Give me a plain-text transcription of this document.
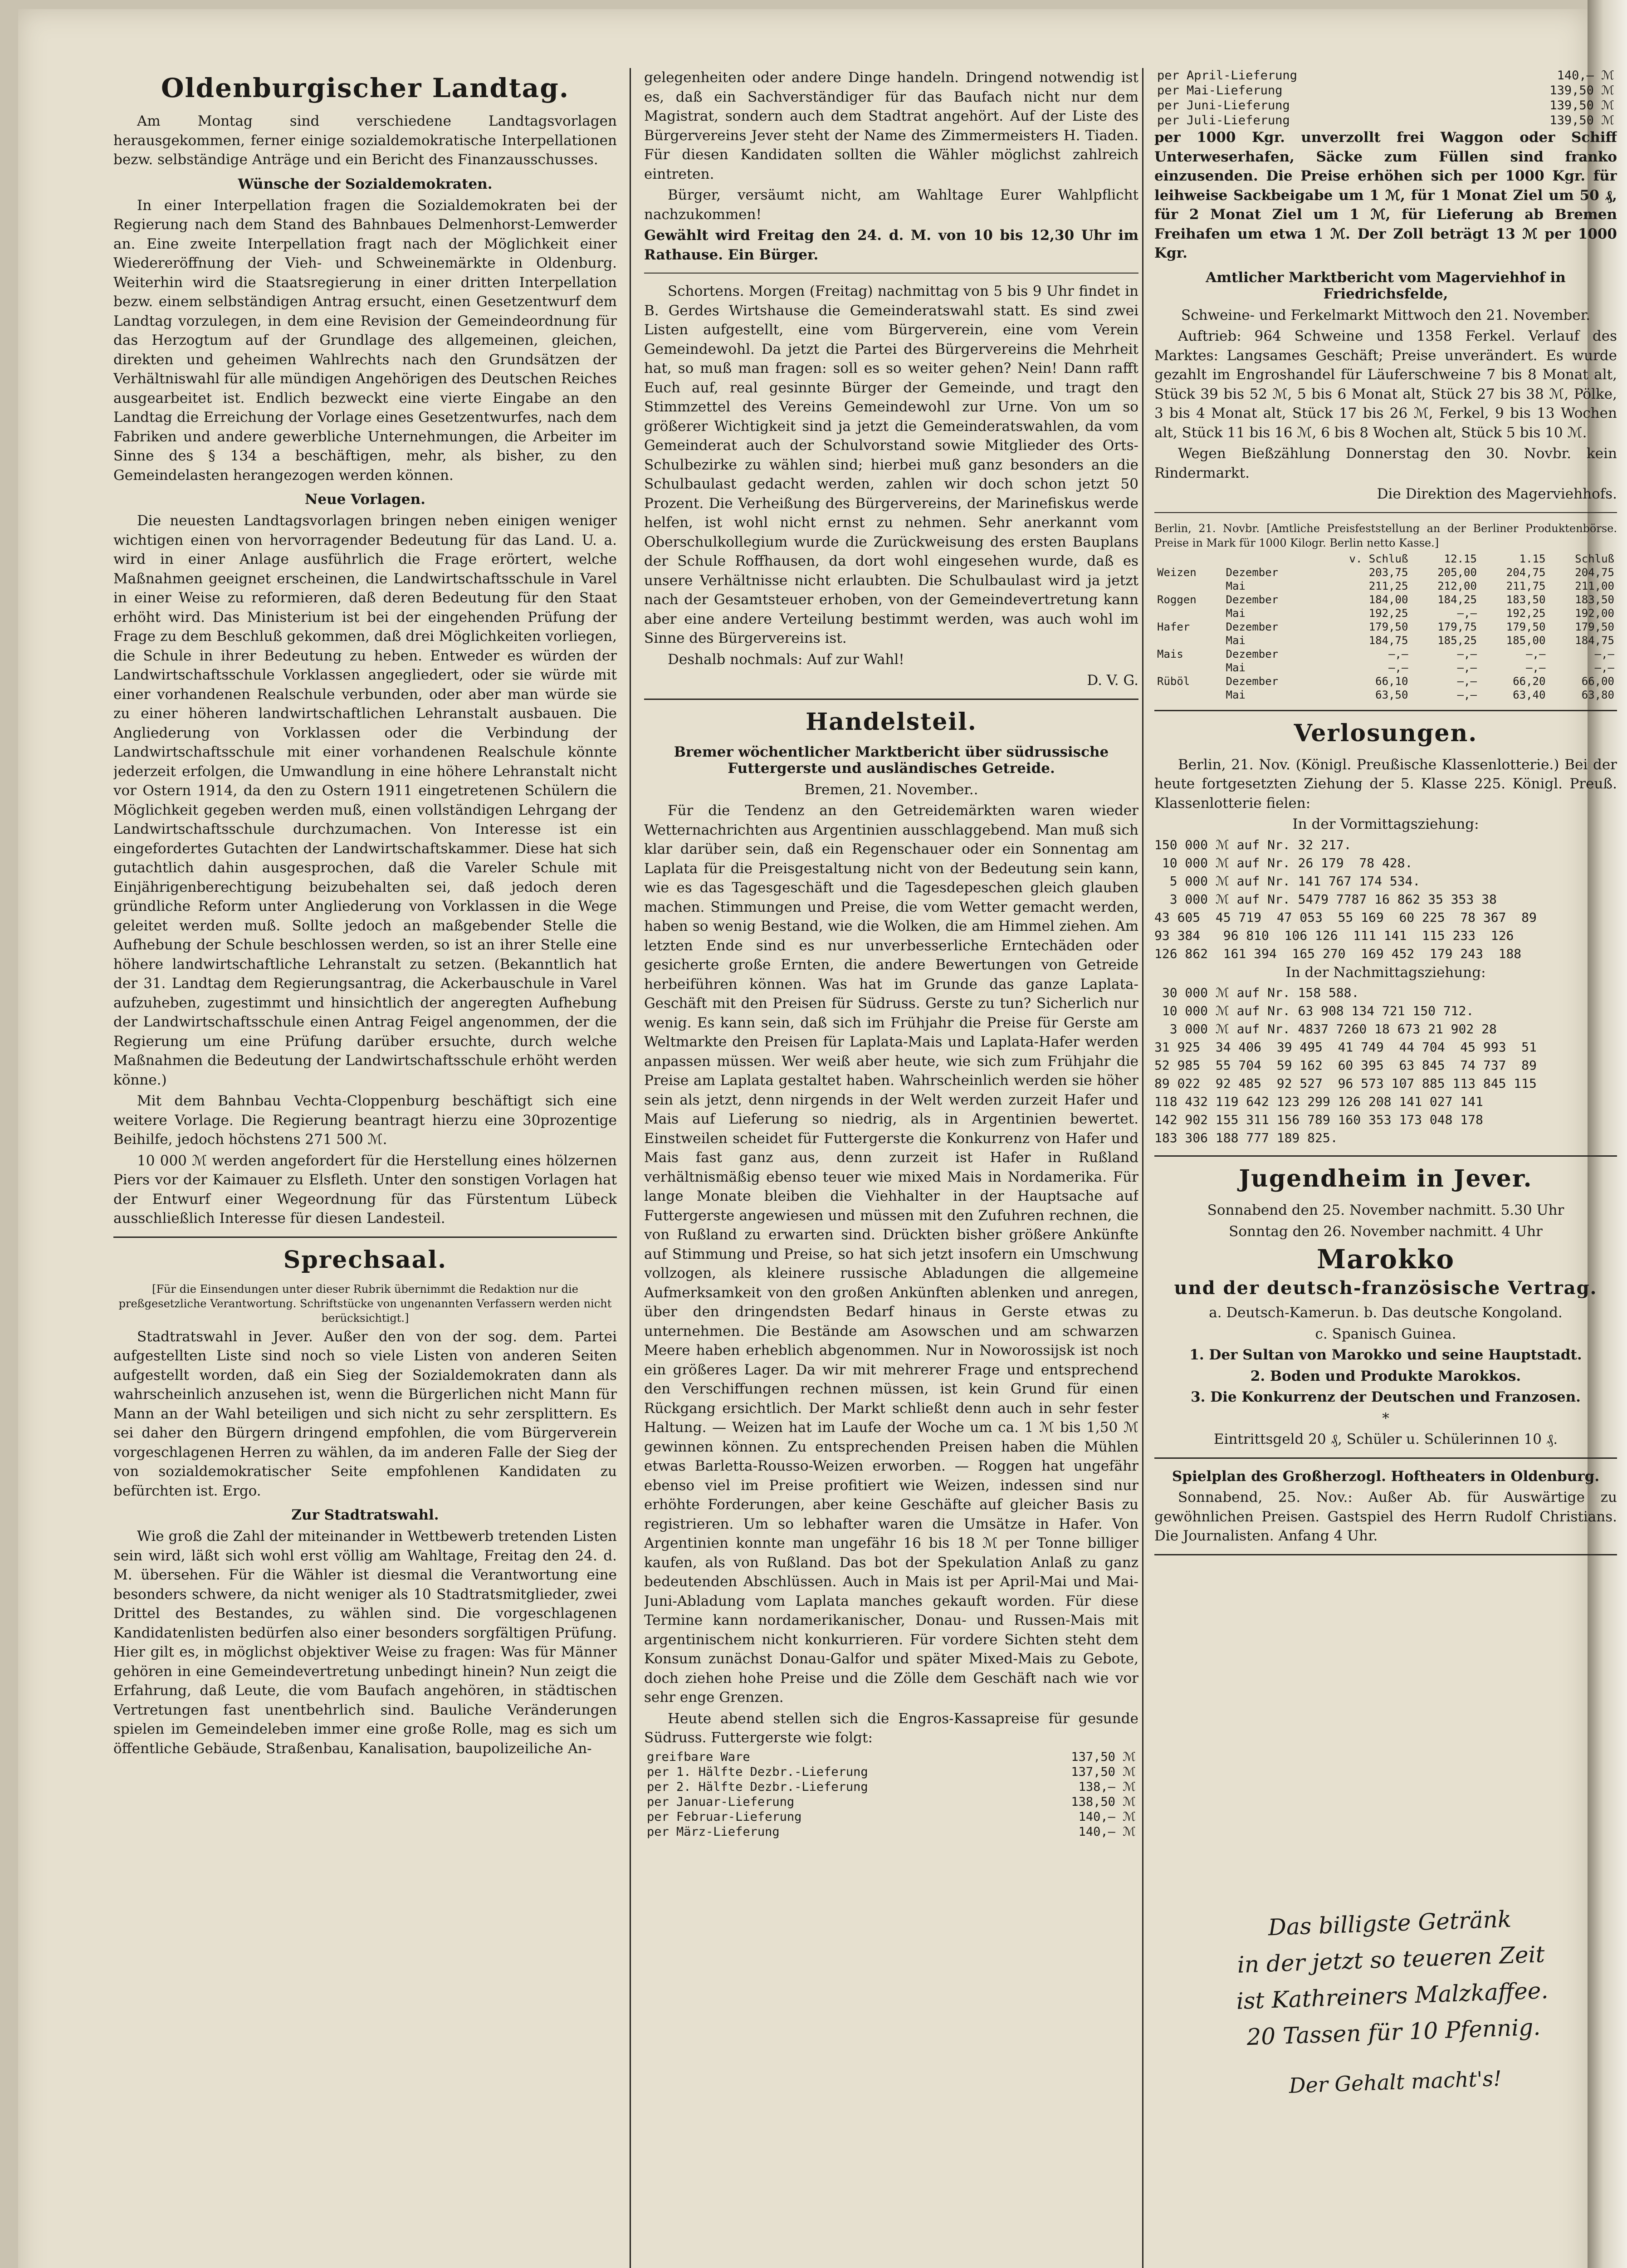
Oldenburgischer Landtag.

Am Montag sind verschiedene Landtagsvorlagen herausgekommen, ferner einige sozialdemokratische Interpellationen bezw. selbständige Anträge und ein Bericht des Finanzausschusses.

Wünsche der Sozialdemokraten.

In einer Interpellation fragen die Sozialdemokraten bei der Regierung nach dem Stand des Bahnbaues Delmenhorst-Lemwerder an. Eine zweite Interpellation fragt nach der Möglichkeit einer Wiedereröffnung der Vieh- und Schweinemärkte in Oldenburg. Weiterhin wird die Staatsregierung in einer dritten Interpellation bezw. einem selbständigen Antrag ersucht, einen Gesetzentwurf dem Landtag vorzulegen, in dem eine Revision der Gemeindeordnung für das Herzogtum auf der Grundlage des allgemeinen, gleichen, direkten und geheimen Wahlrechts nach den Grundsätzen der Verhältniswahl für alle mündigen Angehörigen des Deutschen Reiches ausgearbeitet ist. Endlich bezweckt eine vierte Eingabe an den Landtag die Erreichung der Vorlage eines Gesetzentwurfes, nach dem Fabriken und andere gewerbliche Unternehmungen, die Arbeiter im Sinne des § 134 a beschäftigen, mehr, als bisher, zu den Gemeindelasten herangezogen werden können.

Neue Vorlagen.

Die neuesten Landtagsvorlagen bringen neben einigen weniger wichtigen einen von hervorragender Bedeutung für das Land. U. a. wird in einer Anlage ausführlich die Frage erörtert, welche Maßnahmen geeignet erscheinen, die Landwirtschaftsschule in Varel in einer Weise zu reformieren, daß deren Bedeutung für den Staat erhöht wird. Das Ministerium ist bei der eingehenden Prüfung der Frage zu dem Beschluß gekommen, daß drei Möglichkeiten vorliegen, die Schule in ihrer Bedeutung zu heben. Entweder es würden der Landwirtschaftsschule Vorklassen angegliedert, oder sie würde mit einer vorhandenen Realschule verbunden, oder aber man würde sie zu einer höheren landwirtschaftlichen Lehranstalt ausbauen. Die Angliederung von Vorklassen oder die Verbindung der Landwirtschaftsschule mit einer vorhandenen Realschule könnte jederzeit erfolgen, die Umwandlung in eine höhere Lehranstalt nicht vor Ostern 1914, da den zu Ostern 1911 eingetretenen Schülern die Möglichkeit gegeben werden muß, einen vollständigen Lehrgang der Landwirtschaftsschule durchzumachen. Von Interesse ist ein eingefordertes Gutachten der Landwirtschaftskammer. Diese hat sich gutachtlich dahin ausgesprochen, daß die Vareler Schule mit Einjährigenberechtigung beizubehalten sei, daß jedoch deren gründliche Reform unter Angliederung von Vorklassen in die Wege geleitet werden muß. Sollte jedoch an maßgebender Stelle die Aufhebung der Schule beschlossen werden, so ist an ihrer Stelle eine höhere landwirtschaftliche Lehranstalt zu setzen. (Bekanntlich hat der 31. Landtag dem Regierungsantrag, die Ackerbauschule in Varel aufzuheben, zugestimmt und hinsichtlich der angeregten Aufhebung der Landwirtschaftsschule einen Antrag Feigel angenommen, der die Regierung um eine Prüfung darüber ersuchte, durch welche Maßnahmen die Bedeutung der Landwirtschaftsschule erhöht werden könne.)

Mit dem Bahnbau Vechta-Cloppenburg beschäftigt sich eine weitere Vorlage. Die Regierung beantragt hierzu eine 30prozentige Beihilfe, jedoch höchstens 271 500 ℳ.

10 000 ℳ werden angefordert für die Herstellung eines hölzernen Piers vor der Kaimauer zu Elsfleth. Unter den sonstigen Vorlagen hat der Entwurf einer Wegeordnung für das Fürstentum Lübeck ausschließlich Interesse für diesen Landesteil.

Sprechsaal.

[Für die Einsendungen unter dieser Rubrik übernimmt die Redaktion nur die preßgesetzliche Verantwortung. Schriftstücke von ungenannten Verfassern werden nicht berücksichtigt.]

Stadtratswahl in Jever. Außer den von der sog. dem. Partei aufgestellten Liste sind noch so viele Listen von anderen Seiten aufgestellt worden, daß ein Sieg der Sozialdemokraten dann als wahrscheinlich anzusehen ist, wenn die Bürgerlichen nicht Mann für Mann an der Wahl beteiligen und sich nicht zu sehr zersplittern. Es sei daher den Bürgern dringend empfohlen, die vom Bürgerverein vorgeschlagenen Herren zu wählen, da im anderen Falle der Sieg der von sozialdemokratischer Seite empfohlenen Kandidaten zu befürchten ist. Ergo.

Zur Stadtratswahl.

Wie groß die Zahl der miteinander in Wettbewerb tretenden Listen sein wird, läßt sich wohl erst völlig am Wahltage, Freitag den 24. d. M. übersehen. Für die Wähler ist diesmal die Verantwortung eine besonders schwere, da nicht weniger als 10 Stadtratsmitglieder, zwei Drittel des Bestandes, zu wählen sind. Die vorgeschlagenen Kandidatenlisten bedürfen also einer besonders sorgfältigen Prüfung. Hier gilt es, in möglichst objektiver Weise zu fragen: Was für Männer gehören in eine Gemeindevertretung unbedingt hinein? Nun zeigt die Erfahrung, daß Leute, die vom Baufach angehören, in städtischen Vertretungen fast unentbehrlich sind. Bauliche Veränderungen spielen im Gemeindeleben immer eine große Rolle, mag es sich um öffentliche Gebäude, Straßenbau, Kanalisation, baupolizeiliche An-

gelegenheiten oder andere Dinge handeln. Dringend notwendig ist es, daß ein Sachverständiger für das Baufach nicht nur dem Magistrat, sondern auch dem Stadtrat angehört. Auf der Liste des Bürgervereins Jever steht der Name des Zimmermeisters H. Tiaden. Für diesen Kandidaten sollten die Wähler möglichst zahlreich eintreten.

Bürger, versäumt nicht, am Wahltage Eurer Wahlpflicht nachzukommen!

Gewählt wird Freitag den 24. d. M. von 10 bis 12,30 Uhr im Rathause. Ein Bürger.

Schortens. Morgen (Freitag) nachmittag von 5 bis 9 Uhr findet in B. Gerdes Wirtshause die Gemeinderatswahl statt. Es sind zwei Listen aufgestellt, eine vom Bürgerverein, eine vom Verein Gemeindewohl. Da jetzt die Partei des Bürgervereins die Mehrheit hat, so muß man fragen: soll es so weiter gehen? Nein! Dann rafft Euch auf, real gesinnte Bürger der Gemeinde, und tragt den Stimmzettel des Vereins Gemeindewohl zur Urne. Von um so größerer Wichtigkeit sind ja jetzt die Gemeinderatswahlen, da vom Gemeinderat auch der Schulvorstand sowie Mitglieder des Orts-Schulbezirke zu wählen sind; hierbei muß ganz besonders an die Schulbaulast gedacht werden, zahlen wir doch schon jetzt 50 Prozent. Die Verheißung des Bürgervereins, der Marinefiskus werde helfen, ist wohl nicht ernst zu nehmen. Sehr anerkannt vom Oberschulkollegium wurde die Zurückweisung des ersten Bauplans der Schule Roffhausen, da dort wohl eingesehen wurde, daß es unsere Verhältnisse nicht erlaubten. Die Schulbaulast wird ja jetzt nach der Gesamtsteuer erhoben, von der Gemeindevertretung kann aber eine andere Verteilung bestimmt werden, was auch wohl im Sinne des Bürgervereins ist.

Deshalb nochmals: Auf zur Wahl!

D. V. G.

Handelsteil.
Bremer wöchentlicher Marktbericht über südrussische Futtergerste und ausländisches Getreide.

Bremen, 21. November..

Für die Tendenz an den Getreidemärkten waren wieder Wetternachrichten aus Argentinien ausschlaggebend. Man muß sich klar darüber sein, daß ein Regenschauer oder ein Sonnentag am Laplata für die Preisgestaltung nicht von der Bedeutung sein kann, wie es das Tagesgeschäft und die Tagesdepeschen gleich glauben machen. Stimmungen und Preise, die vom Wetter gemacht werden, haben so wenig Bestand, wie die Wolken, die am Himmel ziehen. Am letzten Ende sind es nur unverbesserliche Erntechäden oder gesicherte große Ernten, die andere Bewertungen von Getreide herbeiführen können. Was hat im Grunde das ganze Laplata-Geschäft mit den Preisen für Südruss. Gerste zu tun? Sicherlich nur wenig. Es kann sein, daß sich im Frühjahr die Preise für Gerste am Weltmarkte den Preisen für Laplata-Mais und Laplata-Hafer werden anpassen müssen. Wer weiß aber heute, wie sich zum Frühjahr die Preise am Laplata gestaltet haben. Wahrscheinlich werden sie höher sein als jetzt, denn nirgends in der Welt werden zurzeit Hafer und Mais auf Lieferung so niedrig, als in Argentinien bewertet. Einstweilen scheidet für Futtergerste die Konkurrenz von Hafer und Mais fast ganz aus, denn zurzeit ist Hafer in Rußland verhältnismäßig ebenso teuer wie mixed Mais in Nordamerika. Für lange Monate bleiben die Viehhalter in der Hauptsache auf Futtergerste angewiesen und müssen mit den Zufuhren rechnen, die von Rußland zu erwarten sind. Drückten bisher größere Ankünfte auf Stimmung und Preise, so hat sich jetzt insofern ein Umschwung vollzogen, als kleinere russische Abladungen die allgemeine Aufmerksamkeit von den großen Ankünften ablenken und anregen, über den dringendsten Bedarf hinaus in Gerste etwas zu unternehmen. Die Bestände am Asowschen und am schwarzen Meere haben erheblich abgenommen. Nur in Noworossijsk ist noch ein größeres Lager. Da wir mit mehrerer Frage und entsprechend den Verschiffungen rechnen müssen, ist kein Grund für einen Rückgang ersichtlich. Der Markt schließt denn auch in sehr fester Haltung. — Weizen hat im Laufe der Woche um ca. 1 ℳ bis 1,50 ℳ gewinnen können. Zu entsprechenden Preisen haben die Mühlen etwas Barletta-Rousso-Weizen erworben. — Roggen hat ungefähr ebenso viel im Preise profitiert wie Weizen, indessen sind nur erhöhte Forderungen, aber keine Geschäfte auf gleicher Basis zu registrieren. Um so lebhafter waren die Umsätze in Hafer. Von Argentinien konnte man ungefähr 16 bis 18 ℳ per Tonne billiger kaufen, als von Rußland. Das bot der Spekulation Anlaß zu ganz bedeutenden Abschlüssen. Auch in Mais ist per April-Mai und Mai-Juni-Abladung vom Laplata manches gekauft worden. Für diese Termine kann nordamerikanischer, Donau- und Russen-Mais mit argentinischem nicht konkurrieren. Für vordere Sichten steht dem Konsum zunächst Donau-Galfor und später Mixed-Mais zu Gebote, doch ziehen hohe Preise und die Zölle dem Geschäft nach wie vor sehr enge Grenzen.

Heute abend stellen sich die Engros-Kassapreise für gesunde Südruss. Futtergerste wie folgt:

greifbare Ware	137,50 ℳ
per 1. Hälfte Dezbr.-Lieferung	137,50 ℳ
per 2. Hälfte Dezbr.-Lieferung	138,— ℳ
per Januar-Lieferung	138,50 ℳ
per Februar-Lieferung	140,— ℳ
per März-Lieferung	140,— ℳ
per April-Lieferung	140,— ℳ
per Mai-Lieferung	139,50 ℳ
per Juni-Lieferung	139,50 ℳ
per Juli-Lieferung	139,50 ℳ

per 1000 Kgr. unverzollt frei Waggon oder Schiff Unterweserhafen, Säcke zum Füllen sind franko einzusenden. Die Preise erhöhen sich per 1000 Kgr. für leihweise Sackbeigabe um 1 ℳ, für 1 Monat Ziel um 50 ₰, für 2 Monat Ziel um 1 ℳ, für Lieferung ab Bremen Freihafen um etwa 1 ℳ. Der Zoll beträgt 13 ℳ per 1000 Kgr.

Amtlicher Marktbericht vom Magerviehhof in Friedrichsfelde,

Schweine- und Ferkelmarkt Mittwoch den 21. November.

Auftrieb: 964 Schweine und 1358 Ferkel. Verlauf des Marktes: Langsames Geschäft; Preise unverändert. Es wurde gezahlt im Engroshandel für Läuferschweine 7 bis 8 Monat alt, Stück 39 bis 52 ℳ, 5 bis 6 Monat alt, Stück 27 bis 38 ℳ, Pölke, 3 bis 4 Monat alt, Stück 17 bis 26 ℳ, Ferkel, 9 bis 13 Wochen alt, Stück 11 bis 16 ℳ, 6 bis 8 Wochen alt, Stück 5 bis 10 ℳ.

Wegen Bießzählung Donnerstag den 30. Novbr. kein Rindermarkt.

Die Direktion des Magerviehhofs.

Berlin, 21. Novbr. [Amtliche Preisfeststellung an der Berliner Produktenbörse. Preise in Mark für 1000 Kilogr. Berlin netto Kasse.]

		v. Schluß	12.15	1.15	Schluß
Weizen	Dezember	203,75	205,00	204,75	204,75
	Mai	211,25	212,00	211,75	211,00
Roggen	Dezember	184,00	184,25	183,50	183,50
	Mai	192,25	—,—	192,25	192,00
Hafer	Dezember	179,50	179,75	179,50	179,50
	Mai	184,75	185,25	185,00	184,75
Mais	Dezember	—,—	—,—	—,—	—,—
	Mai	—,—	—,—	—,—	—,—
Rüböl	Dezember	66,10	—,—	66,20	66,00
	Mai	63,50	—,—	63,40	63,80
Verlosungen.

Berlin, 21. Nov. (Königl. Preußische Klassenlotterie.) Bei der heute fortgesetzten Ziehung der 5. Klasse 225. Königl. Preuß. Klassenlotterie fielen:

In der Vormittagsziehung:

150 000 ℳ auf Nr. 32 217.
10 000 ℳ auf Nr. 26 179  78 428.
5 000 ℳ auf Nr. 141 767 174 534.
3 000 ℳ auf Nr. 5479 7787 16 862 35 353 38
43 605  45 719  47 053  55 169  60 225  78 367  89
93 384   96 810  106 126  111 141  115 233  126
126 862  161 394  165 270  169 452  179 243  188

In der Nachmittagsziehung:

30 000 ℳ auf Nr. 158 588.
10 000 ℳ auf Nr. 63 908 134 721 150 712.
3 000 ℳ auf Nr. 4837 7260 18 673 21 902 28
31 925  34 406  39 495  41 749  44 704  45 993  51
52 985  55 704  59 162  60 395  63 845  74 737  89
89 022  92 485  92 527  96 573 107 885 113 845 115
118 432 119 642 123 299 126 208 141 027 141
142 902 155 311 156 789 160 353 173 048 178
183 306 188 777 189 825.
Jugendheim in Jever.

Sonnabend den 25. November nachmitt. 5.30 Uhr

Sonntag den 26. November nachmitt. 4 Uhr

Marokko
und der deutsch-französische Vertrag.

a. Deutsch-Kamerun. b. Das deutsche Kongoland.

c. Spanisch Guinea.

1. Der Sultan von Marokko und seine Hauptstadt.

2. Boden und Produkte Marokkos.

3. Die Konkurrenz der Deutschen und Franzosen.

*

Eintrittsgeld 20 ₰, Schüler u. Schülerinnen 10 ₰.

Spielplan des Großherzogl. Hoftheaters in Oldenburg.

Sonnabend, 25. Nov.: Außer Ab. für Auswärtige zu gewöhnlichen Preisen. Gastspiel des Herrn Rudolf Christians. Die Journalisten. Anfang 4 Uhr.

Das billigste Getränk
in der jetzt so teueren Zeit
ist Kathreiners Malzkaffee.
20 Tassen für 10 Pfennig.
Der Gehalt macht's!
